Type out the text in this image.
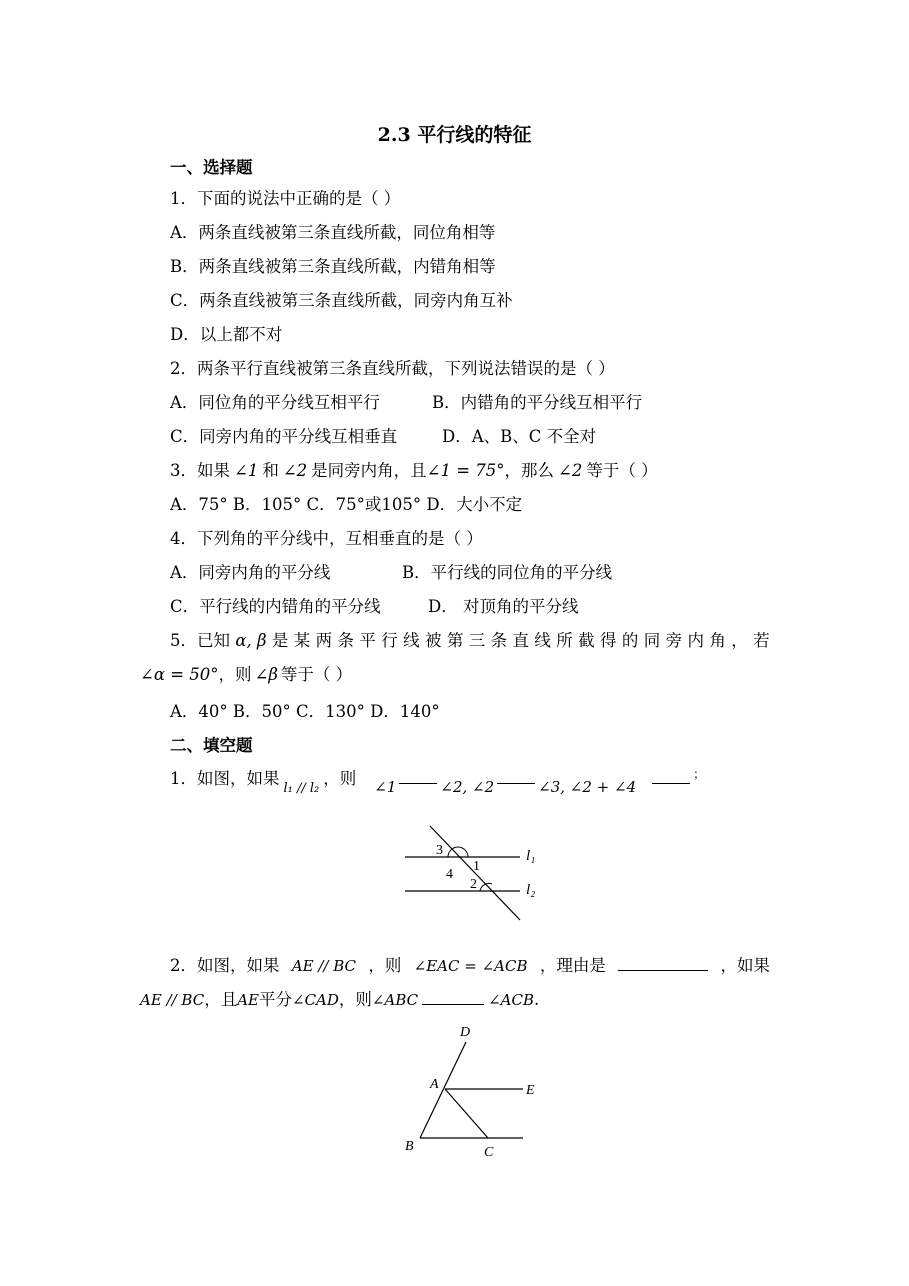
2.3 平行线的特征
一、选择题
1．下面的说法中正确的是（ ）
A．两条直线被第三条直线所截，同位角相等
B．两条直线被第三条直线所截，内错角相等
C．两条直线被第三条直线所截，同旁内角互补
D．以上都不对
2．两条平行直线被第三条直线所截，下列说法错误的是（ ）
A．同位角的平分线互相平行	B．内错角的平分线互相平行
C．同旁内角的平分线互相垂直	D．A、B、C 不全对
3．如果 ∠1 和 ∠2 是同旁内角，且∠1 = 75°，那么 ∠2 等于（ ）
A．75° B．105° C．75°或105° D．大小不定
4．下列角的平分线中，互相垂直的是（ ）
A．同旁内角的平分线	B．平行线的同位角的平分线
C．平行线的内错角的平分线	D． 对顶角的平分线
5．已知 α, β 是 某 两 条 平 行 线 被 第 三 条 直 线 所 截 得 的 同 旁 内 角 ， 若
∠α = 50°，则 ∠β 等于（ ）
A．40° B．50° C．130° D．140°
二、填空题
1．如图，如果$_{l_1 // l_2}$，则 ∠1	∠2, ∠2	∠3, ∠2 + ∠4；
3
1
4
2
l₁
l₂
2．如图，如果 AE // BC ，则 ∠EAC = ∠ACB ，理由是	，如果
AE // BC，且AE平分∠CAD，则∠ABC	∠ACB.
D
A	E
B	C
